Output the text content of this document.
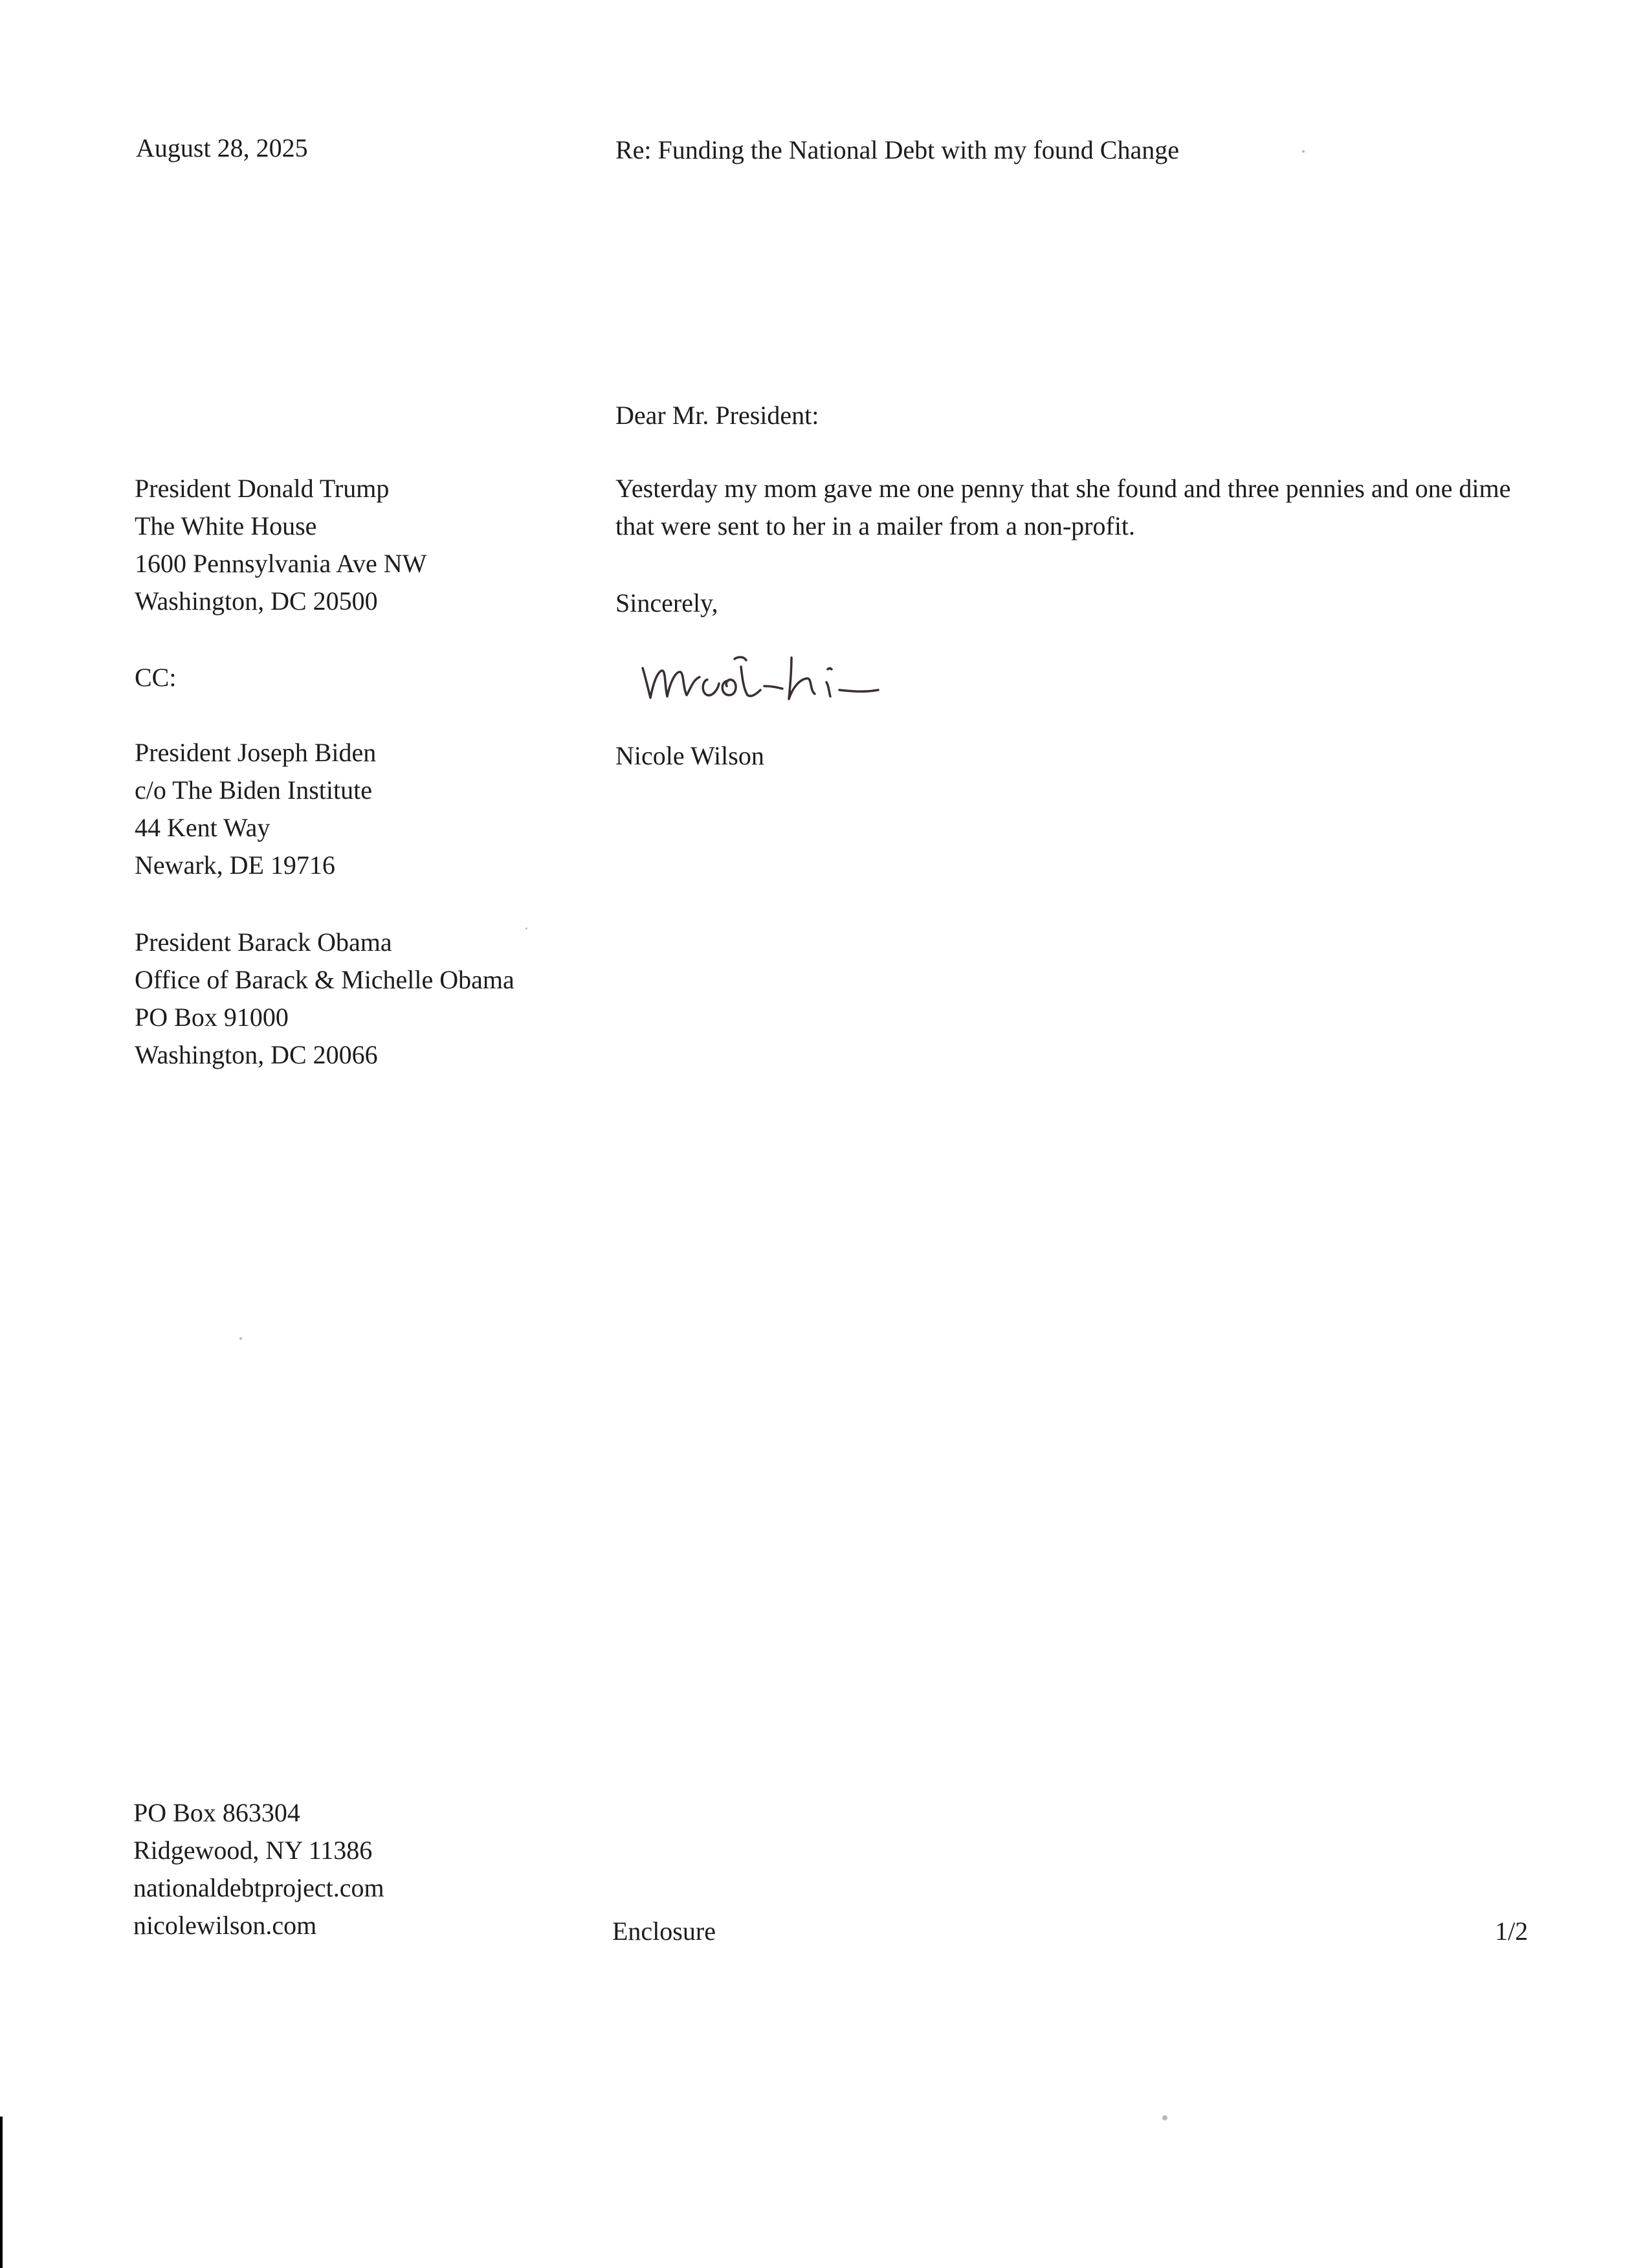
August 28, 2025	Re: Funding the National Debt with my found Change
Dear Mr. President:
President Donald Trump
The White House
1600 Pennsylvania Ave NW
Washington, DC 20500
CC:
President Joseph Biden
c/o The Biden Institute
44 Kent Way
Newark, DE 19716
President Barack Obama
Office of Barack & Michelle Obama
PO Box 91000
Washington, DC 20066
Yesterday my mom gave me one penny that she found and three pennies and one dime that were sent to her in a mailer from a non-profit.
Sincerely,
Nicole Wilson
PO Box 863304
Ridgewood, NY 11386
nationaldebtproject.com
nicolewilson.com	Enclosure	1/2
